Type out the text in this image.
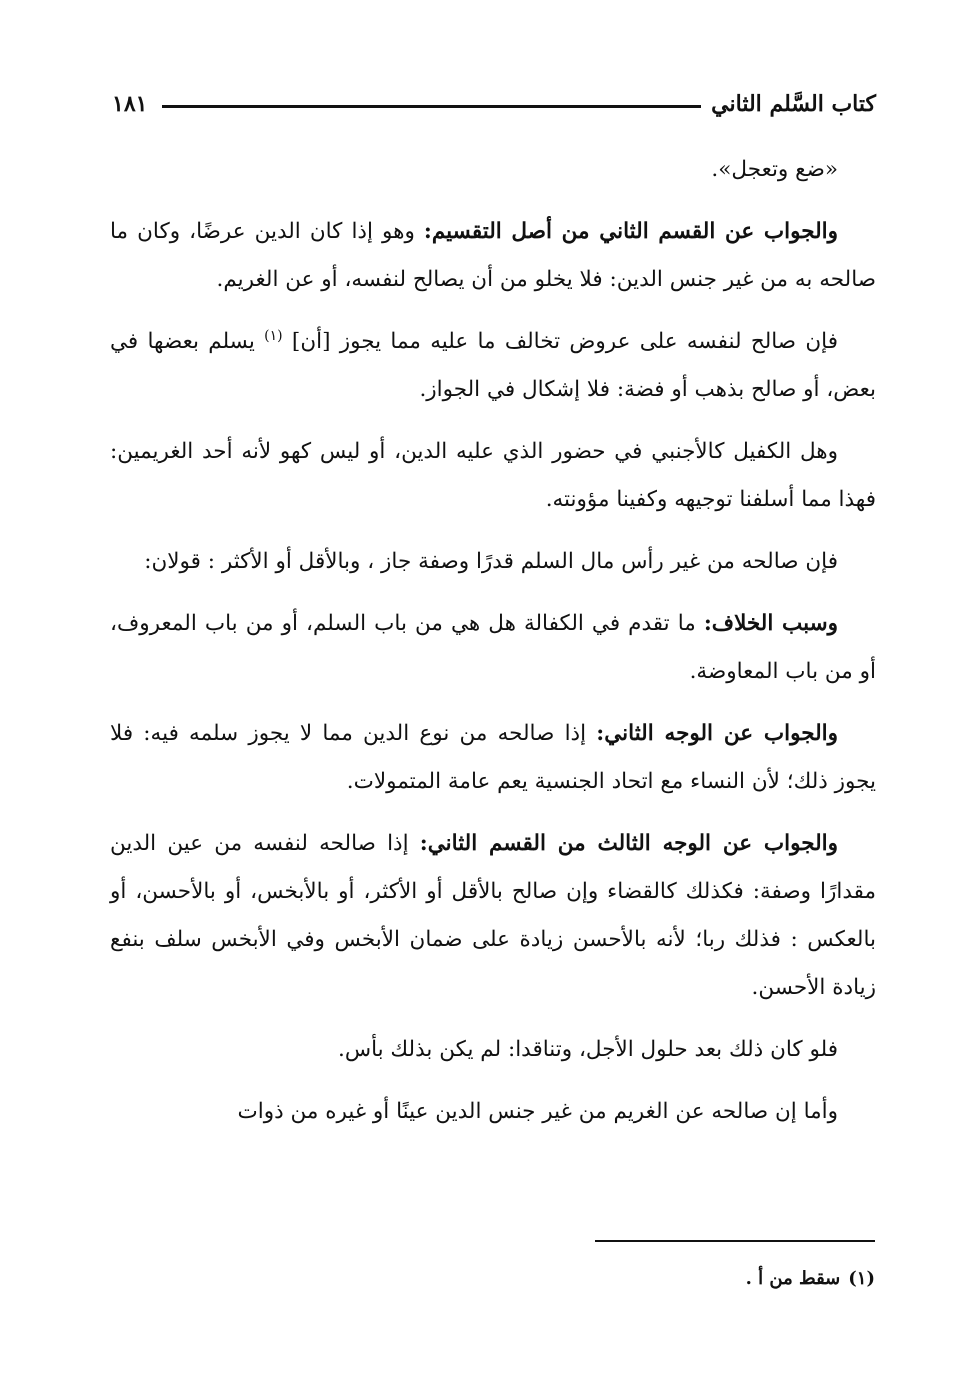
كتاب السَّلم الثاني
١٨١

«ضع وتعجل».

والجواب عن القسم الثاني من أصل التقسيم: وهو إذا كان الدين عرضًا، وكان ما صالحه به من غير جنس الدين: فلا يخلو من أن يصالح لنفسه، أو عن الغريم.

فإن صالح لنفسه على عروض تخالف ما عليه مما يجوز [أن] $^{(١)}$ يسلم بعضها في بعض، أو صالح بذهب أو فضة: فلا إشكال في الجواز.

وهل الكفيل كالأجنبي في حضور الذي عليه الدين، أو ليس كهو لأنه أحد الغريمين: فهذا مما أسلفنا توجيهه وكفينا مؤونته.

فإن صالحه من غير رأس مال السلم قدرًا وصفة جاز ، وبالأقل أو الأكثر : قولان:

وسبب الخلاف: ما تقدم في الكفالة هل هي من باب السلم، أو من باب المعروف، أو من باب المعاوضة.

والجواب عن الوجه الثاني: إذا صالحه من نوع الدين مما لا يجوز سلمه فيه: فلا يجوز ذلك؛ لأن النساء مع اتحاد الجنسية يعم عامة المتمولات.

والجواب عن الوجه الثالث من القسم الثاني: إذا صالحه لنفسه من عين الدين مقدارًا وصفة: فكذلك كالقضاء وإن صالح بالأقل أو الأكثر، أو بالأبخس، أو بالأحسن، أو بالعكس : فذلك ربا؛ لأنه بالأحسن زيادة على ضمان الأبخس وفي الأبخس سلف بنفع زيادة الأحسن.

فلو كان ذلك بعد حلول الأجل، وتناقدا: لم يكن بذلك بأس.

وأما إن صالحه عن الغريم من غير جنس الدين عينًا أو غيره من ذوات

(١)سقط من أ .
